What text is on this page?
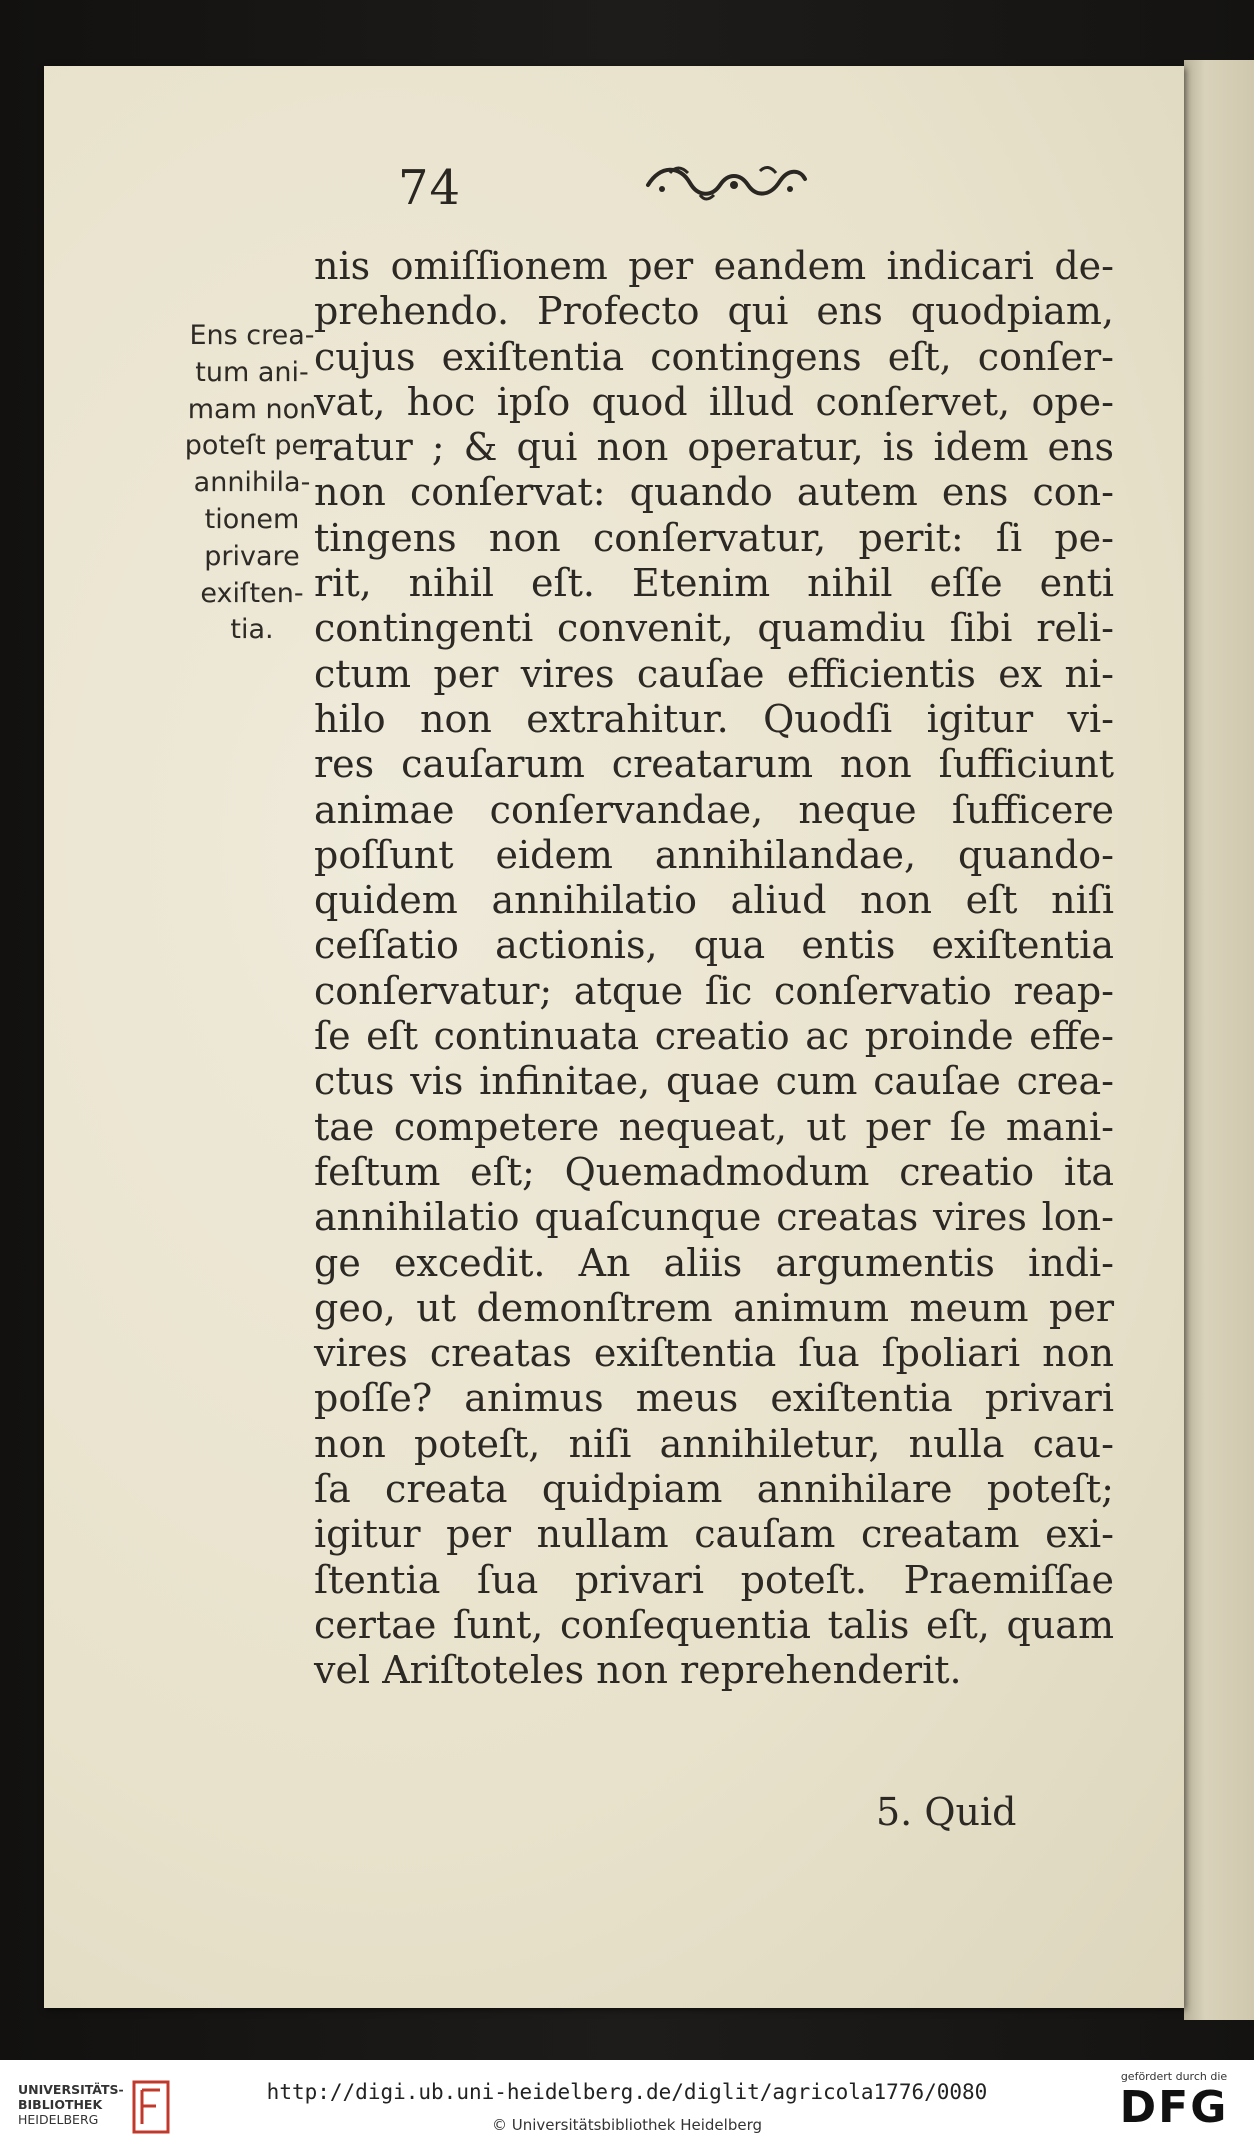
74
Ens crea-
tum ani-
mam non
poteſt per
annihila-
tionem
privare
exiſten-
tia.
nis omiſſionem per eandem indicari de-
prehendo. Profecto qui ens quodpiam,
cujus exiſtentia contingens eſt, conſer-
vat, hoc ipſo quod illud conſervet, ope-
ratur ; & qui non operatur, is idem ens
non conſervat: quando autem ens con-
tingens non conſervatur, perit: ſi pe-
rit, nihil eſt. Etenim nihil eſſe enti
contingenti convenit, quamdiu ſibi reli-
ctum per vires cauſae efficientis ex ni-
hilo non extrahitur. Quodſi igitur vi-
res cauſarum creatarum non ſufficiunt
animae conſervandae, neque ſufficere
poſſunt eidem annihilandae, quando-
quidem annihilatio aliud non eſt niſi
ceſſatio actionis, qua entis exiſtentia
conſervatur; atque ſic conſervatio reap-
ſe eſt continuata creatio ac proinde effe-
ctus vis infinitae, quae cum cauſae crea-
tae competere nequeat, ut per ſe mani-
feſtum eſt; Quemadmodum creatio ita
annihilatio quaſcunque creatas vires lon-
ge excedit. An aliis argumentis indi-
geo, ut demonſtrem animum meum per
vires creatas exiſtentia ſua ſpoliari non
poſſe? animus meus exiſtentia privari
non poteſt, niſi annihiletur, nulla cau-
ſa creata quidpiam annihilare poteſt;
igitur per nullam cauſam creatam exi-
ſtentia ſua privari poteſt. Praemiſſae
certae ſunt, conſequentia talis eſt, quam
vel Ariſtoteles non reprehenderit.
5. Quid
UNIVERSITÄTS-
BIBLIOTHEK
HEIDELBERG
http://digi.ub.uni-heidelberg.de/diglit/agricola1776/0080
© Universitätsbibliothek Heidelberg
gefördert durch die
DFG
